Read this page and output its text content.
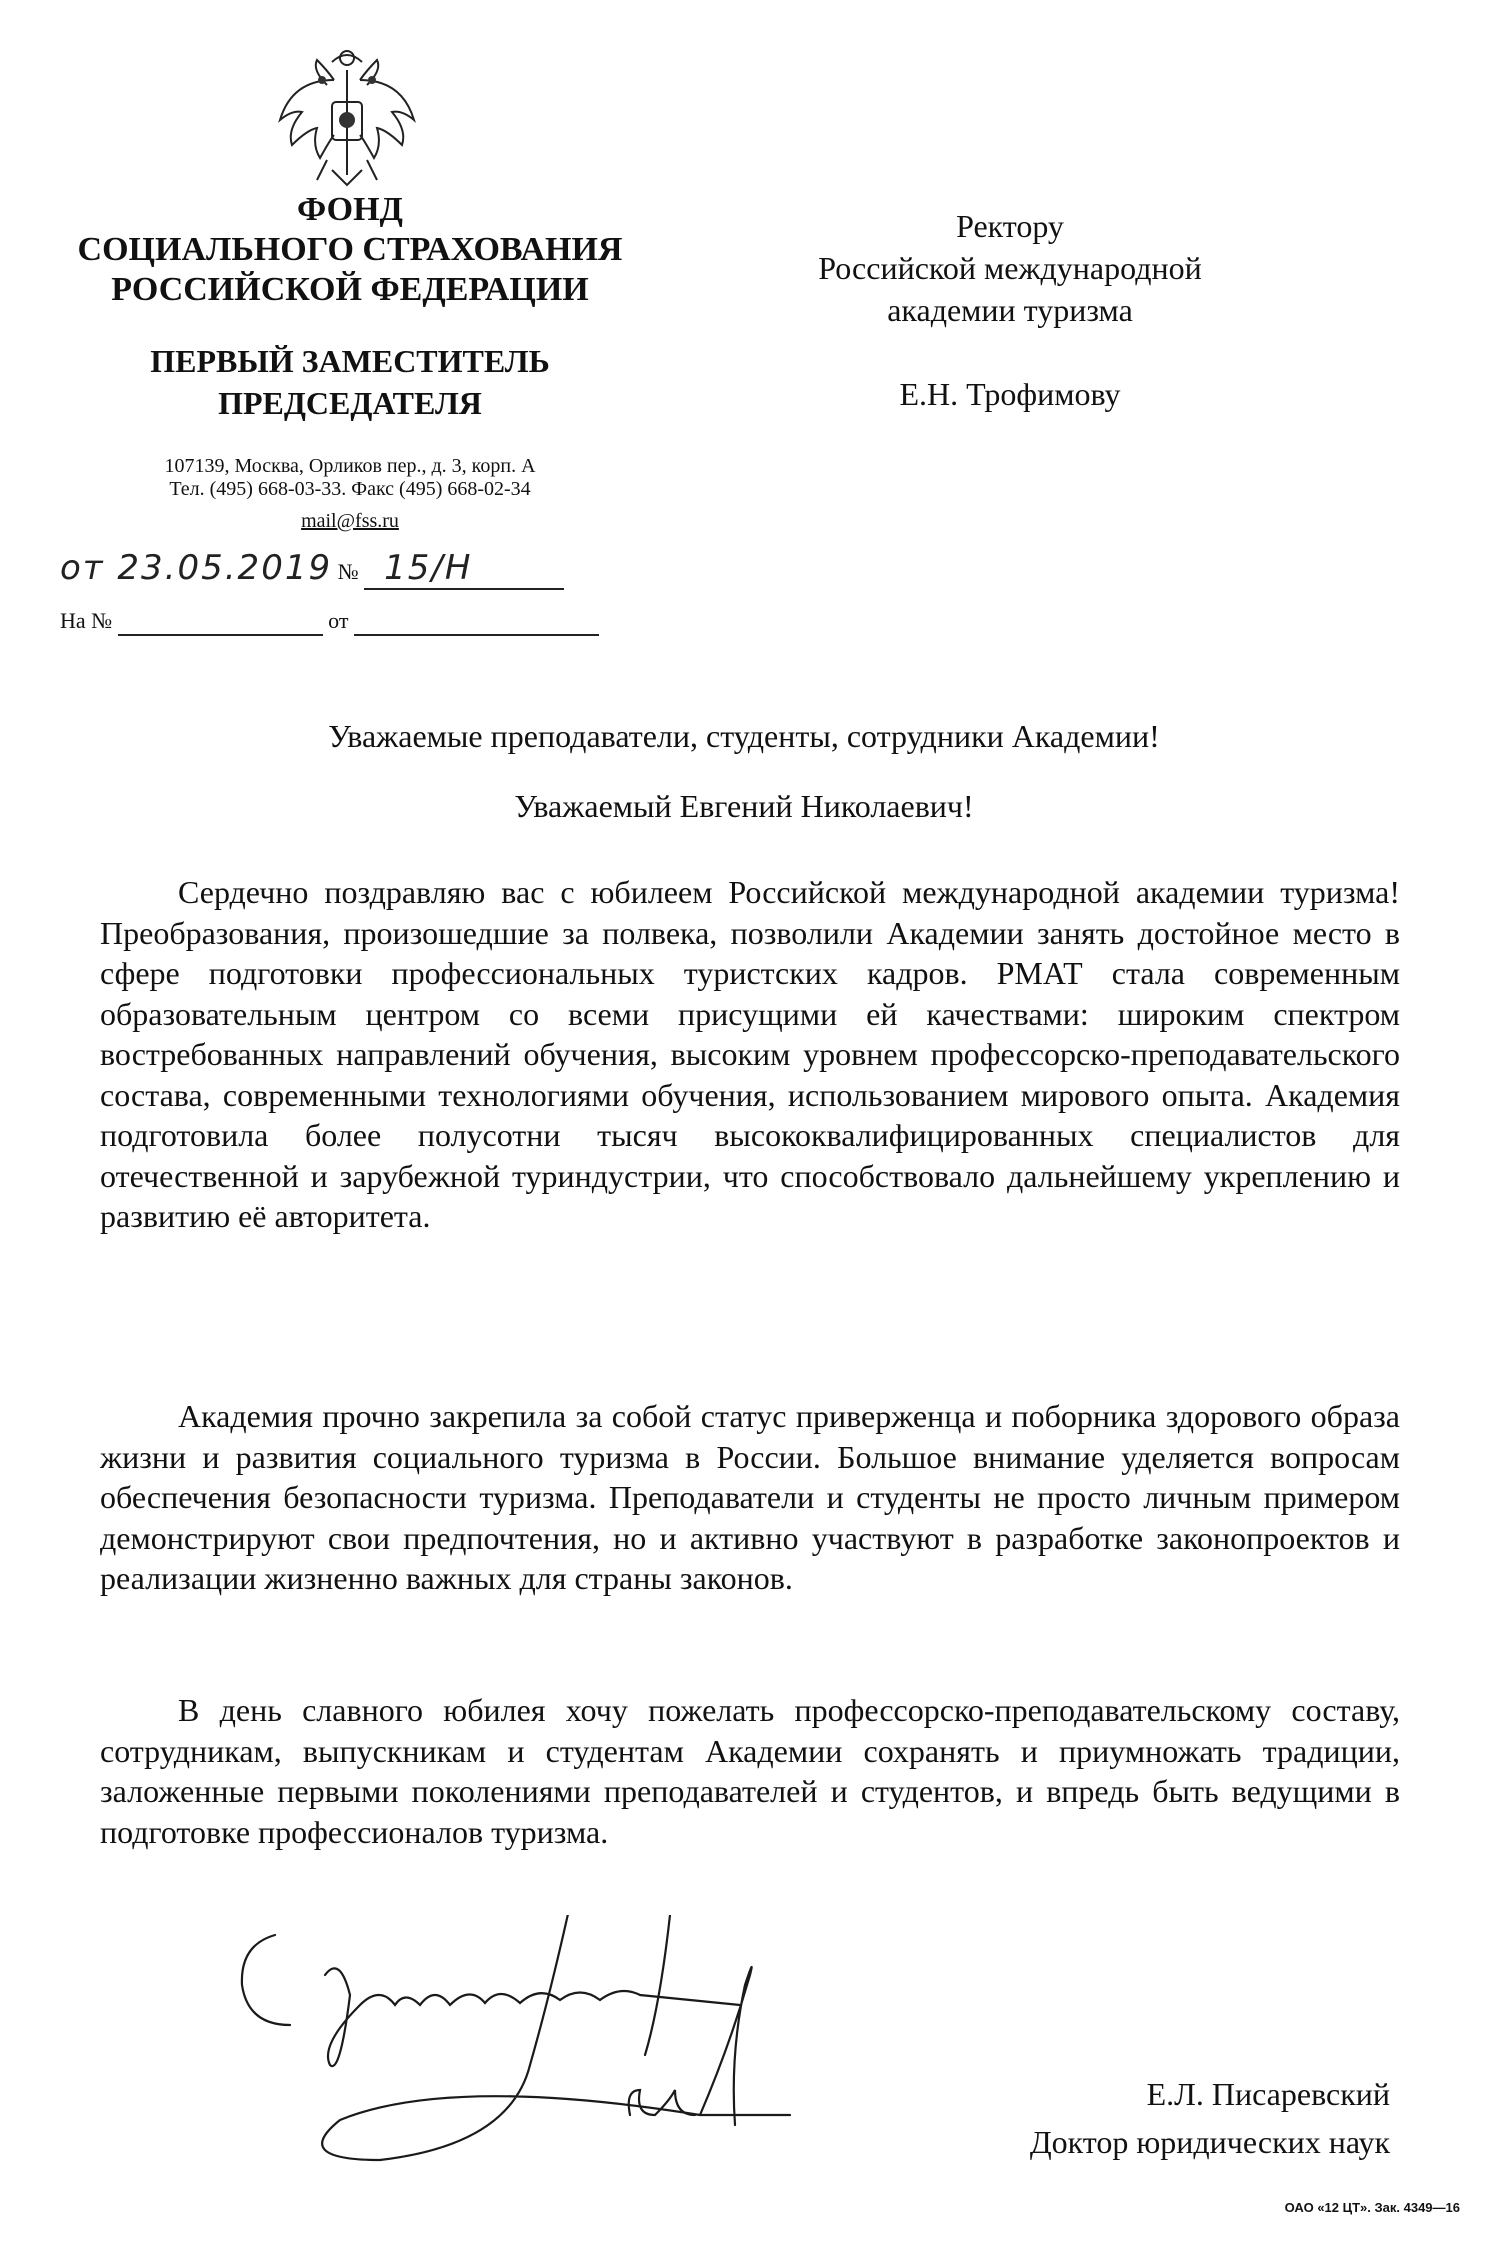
ФОНД
СОЦИАЛЬНОГО СТРАХОВАНИЯ
РОССИЙСКОЙ ФЕДЕРАЦИИ
ПЕРВЫЙ ЗАМЕСТИТЕЛЬ
ПРЕДСЕДАТЕЛЯ
107139, Москва, Орликов пер., д. 3, корп. А
Тел. (495) 668-03-33. Факс (495) 668-02-34
mail@fss.ru
от 23.05.2019 № 15/Н
На №	от
Ректору
Российской международной
академии туризма
Е.Н. Трофимову
Уважаемые преподаватели, студенты, сотрудники Академии!
Уважаемый Евгений Николаевич!

Сердечно поздравляю вас с юбилеем Российской международной академии туризма! Преобразования, произошедшие за полвека, позволили Академии занять достойное место в сфере подготовки профессиональных туристских кадров. РМАТ стала современным образовательным центром со всеми присущими ей качествами: широким спектром востребованных направлений обучения, высоким уровнем профессорско-преподавательского состава, современными технологиями обучения, использованием мирового опыта. Академия подготовила более полусотни тысяч высококвалифицированных специалистов для отечественной и зарубежной туриндустрии, что способствовало дальнейшему укреплению и развитию её авторитета.

Академия прочно закрепила за собой статус приверженца и поборника здорового образа жизни и развития социального туризма в России. Большое внимание уделяется вопросам обеспечения безопасности туризма. Преподаватели и студенты не просто личным примером демонстрируют свои предпочтения, но и активно участвуют в разработке законопроектов и реализации жизненно важных для страны законов.

В день славного юбилея хочу пожелать профессорско-преподавательскому составу, сотрудникам, выпускникам и студентам Академии сохранять и приумножать традиции, заложенные первыми поколениями преподавателей и студентов, и впредь быть ведущими в подготовке профессионалов туризма.

Е.Л. Писаревский
Доктор юридических наук
ОАО «12 ЦТ». Зак. 4349—16
